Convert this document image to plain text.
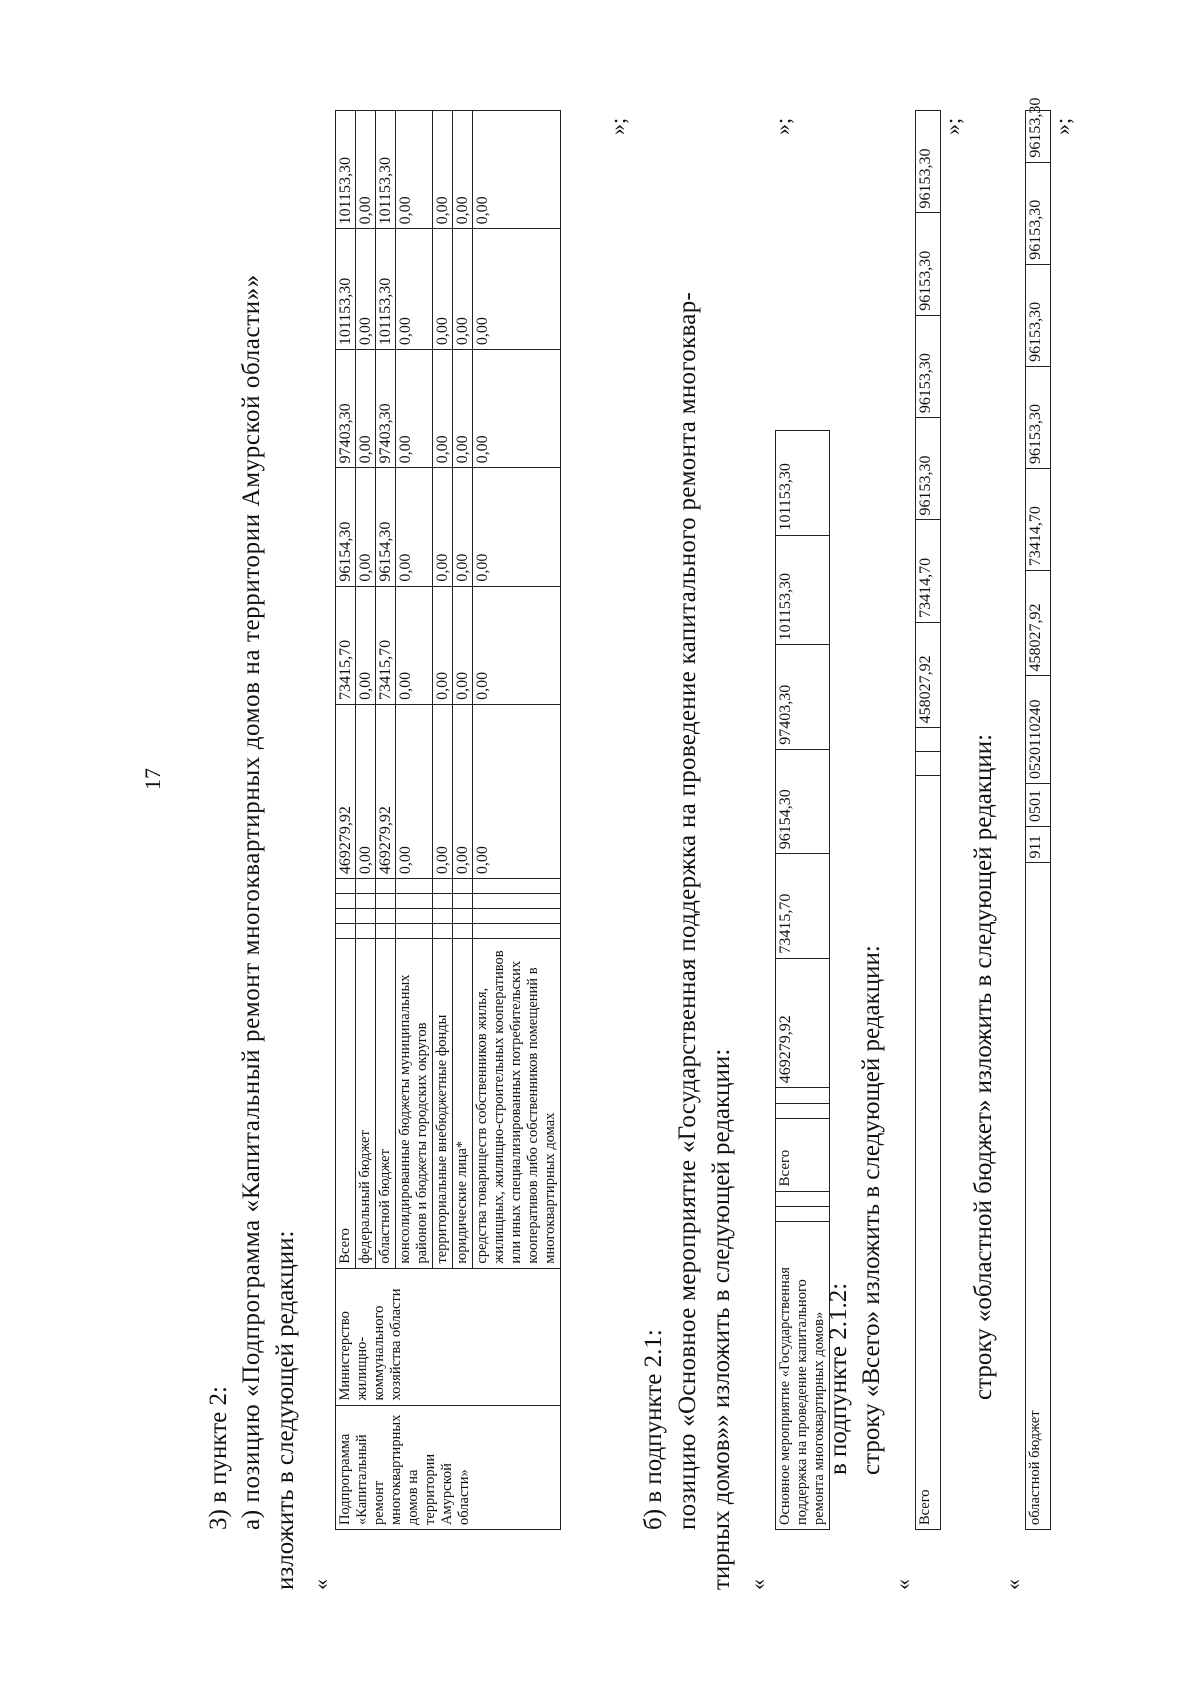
17
3) в пункте 2: а) позицию «Подпрограмма «Капитальный ремонт многоквартирных домов на территории Амурской области»» изложить в следующей редакции: «
Подпрограмма «Капитальный ремонт многоквартирных домов на территории Амурской области»	Министерство жилищно-коммунального хозяйства области	Всего					469279,92	73415,70	96154,30	97403,30	101153,30	101153,30
		федеральный бюджет					0,00	0,00	0,00	0,00	0,00	0,00
		областной бюджет					469279,92	73415,70	96154,30	97403,30	101153,30	101153,30
		консолидированные бюджеты муниципальных районов и бюджеты городских округов					0,00	0,00	0,00	0,00	0,00	0,00
		территориальные внебюджетные фонды					0,00	0,00	0,00	0,00	0,00	0,00
		юридические лица*					0,00	0,00	0,00	0,00	0,00	0,00
		средства товариществ собственников жилья, жилищных, жилищно-строительных кооперативов или иных специализированных потребительских кооперативов либо собственников помещений в многоквартирных домах					0,00	0,00	0,00	0,00	0,00	0,00
»;
б) в подпункте 2.1: позицию «Основное мероприятие «Государственная поддержка на проведение капитального ремонта многоквар- тирных домов»» изложить в следующей редакции: «
Основное мероприятие «Государственная поддержка на проведение капитального ремонта многоквартирных домов»			Всего			469279,92	73415,70	96154,30	97403,30	101153,30	101153,30
»;
в подпункте 2.1.2: строку «Всего» изложить в следующей редакции:
«
Всего			458027,92	73414,70	96153,30	96153,30	96153,30	96153,30
»;
строку «областной бюджет» изложить в следующей редакции:
«
областной бюджет	911	0501	0520110240	458027,92	73414,70	96153,30	96153,30	96153,30	96153,30 »;
